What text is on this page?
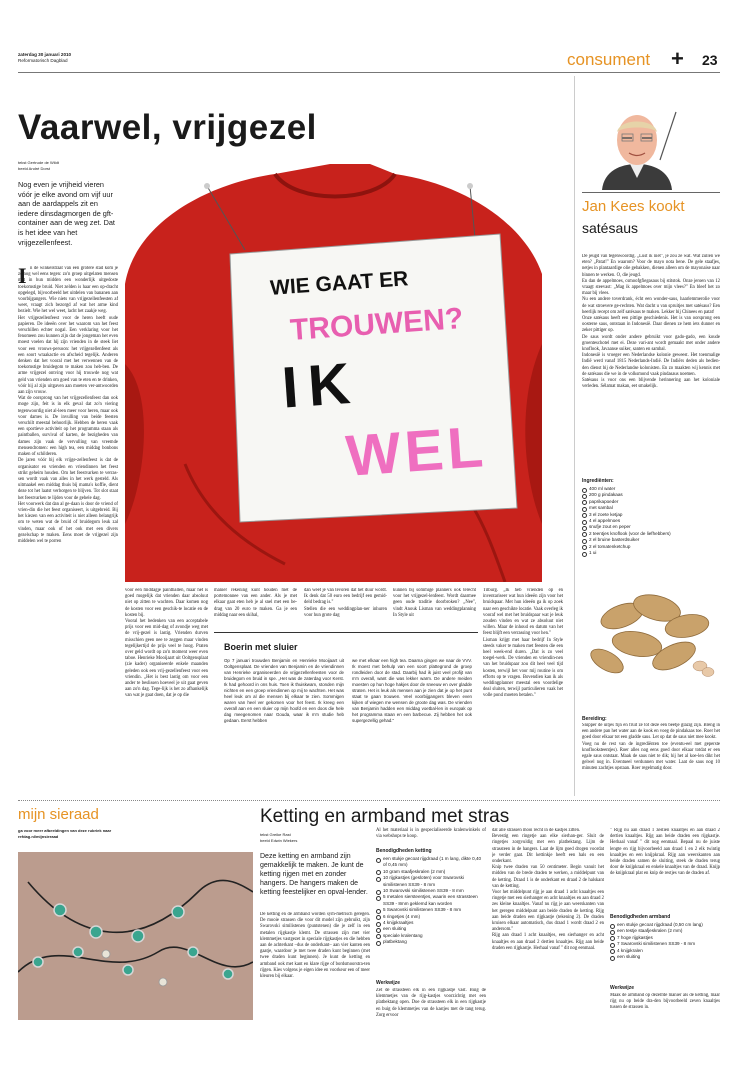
zaterdag 30 januari 2010
Reformatorisch Dagblad	consument + 23
Vaarwel, vrijgezel
tekst Gertrude de Wildt
beeld André Dorst
Nog even je vrijheid vieren vóór je elke avond om vijf uur aan de aardappels zit en iedere dinsdagmorgen de gft-container aan de weg zet. Dat is het idee van het vrijgezellenfeest.
WIE GAAT ER
TROUWEN?
IK
WEL
I n de winkelstraat van een grotere stad kom je ze nog wel eens tegen: zo'n groep uitgelaten mensen met in hun midden een wonderlijk uitgedoste toekomstige bruid. Niet zelden is haar een op-dracht opgelegd, bijvoorbeeld het uitdelen van bananen aan voorbijgangers. Wie niets van vrijgezellenfeesten af weet, vraagt zich bezorgd af wat het arme kind bezielt. Wie het wel weet, lacht het zaakje weg.
Het vrijgezellenfeest voor de heren heeft oude papieren. De ideeën over het waarom van het feest verschillen echter nogal. Een verklaring voor het fenomeen zou kunnen zijn dat de jongeman het even moest voelen dat hij zijn vrienden in de steek liet voor een vrouws-persoon: het vrijgezellenfeest als een soort wraakactie en afscheid tegelijk. Anderen denken dat het vooral met het verwennen van de toekomstige bruidegom te maken zou heb-ben. De arme vrijgezel ontving voor hij trouwde nog wat geld van vrienden om goed van te eten en te drinken, vóór hij al zijn uitgaven aan moeten ver-antwoorden aan zijn vrouw.
Wat de oorsprong van het vrijgezellenfeest dan ook moge zijn, feit is in elk geval dat zo'n viering tegenwoordig niet al-leen meer voor heren, maar ook voor dames is. De invulling van beide feesten verschilt meestal behoorlijk. Hebben de heren vaak een sportieve activiteit op het programma staan als paintballen, survival of karten, de bezigheden van dames zijn vaak de vervulling van vreemde mensendromen: een high tea, een middag bonbons maken of schilderen.
De jaren vóór bij elk vrijge-zellenfeest is dat de organisator en vrienden en vriendinnen het feest strikt geheim houden. Om het feestvarken te verras-sen wordt vaak van alles in het werk gesteld. Als uitmaakel een middag thuis bij mama's koffie, dient deze tot het laatst verborgen te blijven. Tot slot staat het feestvarken te lijden voor de gehele dag.
Het voorwerk dat dan al ge-daan is door de vriend of vrien-din die het feest organiseert, is uitgebreid. Bij het kiezen van een activiteit is niet alleen belangrijk om te weten wat de bruid of bruidegom leuk zal vinden, maar ook of het ook met een divers gezelschap te maken. Eens moet de vrijgezel zijn middelen wel te porren
voor een middagje paintballen, maar het is goed mogelijk dat vrienden daar absoluut niet op zitten te wachten. Daar komen nog de kosten voor een geschik-te locatie en de kosten bij.
Vooral het bedenken van een acceptabele prijs voor een mid-dag of avondje weg met de vrij-gezel is lastig. Vrienden durven misschien geen nee te zeggen maar vinden tegelijkertijd de prijs veel te hoog. Praten over geld wordt op zo'n moment weer even taboe. Henrieke Mooijaart uit Ooltgensplaat (zie kader) organiseerde enkele maanden geleden ook een vrij-gezellenfeest voor een vriendin. „Het is best lastig om voor een ander te beslissen hoeveel je uit gaat geven aan zo'n dag. Tege-lijk is het zo afhankelijk van wat je gaat doen, dat je op die
manier rekening kunt houden met de portemonnee van een ander. Als je met elkaar gaat eten heb je al snel met een be-drag van 20 euro te maken. Ga je een middag naar een skihal,
dan weet je van tevoren dat het duur wordt. Ik denk dat 50 euro een bedrijf een gemid-deld bedrag is."
Stellen die een weddingplan-ner inhuren voor hun grote dag
kunnen bij sommige planners ook terecht voor het vrijgezel-lenfeest. Wordt daarmee geen oude traditie doorbroken? „Nee", vindt Anouk Lisman van weddingplanning In Style uit
Tilburg. „Ik heb vrienden op en inventariseer wat hun ideeën zijn voor het bruidspaar. Met hun ideeën ga ik op zoek naar een geschikte locatie. Vaak overleg ik vooraf wel met het bruidspaar wat je leuk zouden vinden en wat ze absoluut niet willen. Maar de inhoud en datum van het feest blijft een verrassing voor hen."
Lisman krijgt met haar bedrijf In Style steeds vaker te maken met feesten die een heel week-end duren. „Dat is zo veel toegel-werk. De vrienden en vriendin-nen van het bruidspaar zou dit heel veel tijd kosten, terwijl het voor mij routine is om efforts op te vragen. Bovendien kan ik als weddingplanner meestal een voordelige deal sluiten, terwijl particulieren vaak het volle pond moeten betalen."
Boerin met sluier
Op 7 januari trouwden Benjamin en Henrieke Mooijaart uit Ooltgensplaat. De vrienden van Benjamin en de vriendinnen van Henrieke organiseerden de vrijgezellenfeesten voor de bruidegom en bruid in spe. „Het was de zaterdag voor Kerst. Ik had gehoord in ons huis. Toen ik thuiskwam, stonden mijn nichten en een groep vriendinnen op mij te wachten. Het was heel leuk om al die mensen bij elkaar te zien. Sommigen waren van heel ver gekomen voor het feest. Ik kreeg een overall aan en een sluier op mijn hoofd en een doos die hele dag meegenomen naar Gouda, waar ik m'n studie heb gedaan. Eerst hebben
we met elkaar een high tea. Daarna gingen we naar de VVV. Ik moest met behulp van een soort plattegrond de groep rondleiden door de stad. Daarbij had ik juist veel profijt van m'n overall, want die was lekker warm. De andere meiden moesten op hun hoge hakjes door de sneeuw en over gladde straten. Het is leuk als mensen aan je zien dat je op het punt staat te gaan trouwen. Veel voorbijgangers bleven even kijken of wiegen me wensen de groote dag was. De vrienden van Benjamin hadden een middag voetbal-len in europak op het programma staan en een barbecue. Zij hebben het ook supergezellig gehad."
Jan Kees kookt
satésaus
De jeugd van tegenwoordig. „Lust ik niet", je zou ze wat. Wat zullen we eten? „Patat!" En waarom? Voor de mayo nota bene. De gele staafjes, netjes in plantaardige olie gebakken, dienen alleen om de mayonaise naar binnen te werken. O, die jeugd.
En dan de appelmoes, csmoofgfiegasaus bij stitstok. Onze jeroen van 12 vraagt steevast: „Mag ik appelmoes over mijn vlees?" En bleef het zo maar bij vlees.
Nu een andere toverdrank, écht een wonder-saus, haarlemmerolie voor de wat stroevere ge-rechten. Wat dacht u van spruitjes met satésaus? Een heerlijk recept om zelf satésaus te maken. Lekker bij Chinees en patat!
Onze satésaus heeft een pittige geschiedenis. Het is van oorsprong een oosterse saus, ontstaan in Indonesië. Daar dienen ze hem iets dunner en zeker pittiger op.
De saus wordt onder andere gebruikt voor gado-gado, een koude groenteschotel met ei. Deze vari-ant wordt gemaakt met onder andere knoflook, Javaanse suiker, santen en sambal.
Indonesië is vroeger een Nederlandse kolonie geweest. Het toenmalige Indië werd vanaf 1815 Nederlands-Indië. De Indiërs deden als bedien-den dienst bij de Nederlandse kolonisten. En zo maakten wij kennis met de satésaus die we in de volksmond vaak pindasaus noemen.
Satésaus is voor ons een blijvende herinnering aan het koloniale verleden. Sélamat makan, eet smakelijk.
Ingrediënten:
400 ml water
200 g pindakaas
paprikapoeder
met sambal
3 el zoete ketjap
4 el appelmoes
snufje zout en peper
2 teentjes knoflook (voor de liefhebbers)
2 el bruine basterdsuiker
2 el tomatenketchup
1 ui
Bereiding:
Snipper de uitjes fijn en fruit ze tot deze een beetje glazig zijn. Breng in een andere pan het water aan de kook en voeg de pindakaas toe. Roer het goed door elkaar tot een gladde saus. Let op dat de saus niet mee kookt.
Voeg nu de rest van de ingrediënten toe (eventu-eel met geperste knoflooksteentjes). Roer alles nog eens goed door elkaar totdat er een egale saus ontstaat. Maak de saus niet te dik; hij het al koe-len dikt het gelwel nog in. Eventueel verdunnen met water. Laat de saus nog 10 minuten zachtjes opstaan. Roer regelmatig door.
mijn sieraad
ga voor meer afbeeldingen van deze rubriek naar refdag.nl/mijnsieraad
Ketting en armband met stras
tekst Greike Rast
beeld Edwin Wiekers
Deze ketting en armband zijn gemakkelijk te maken. Je kunt de ketting rijgen met en zonder hangers. De hangers maken de ketting feestelijker en opval-lender.
De ketting en de armband worden sym-metrisch geregen. De mooie strassen die voor dit model zijn gebruikt, zijn Swarovski similistenen (puntstenen) die je zelf in een metalen rijgkastje klemt. De strassen zijn met vier klemmetjes vastgezet in speciale rijgkastjes en die hebben aan de achterkant –dus de onderkant– aan vier kanten een gaatje, waardoor je met twee draden kunt beginnen (met twee draden kunt beginnen). Je kunt de ketting en armband ook met kant en klare rijge of bordsmoorstra-ten rijgen. Kies volgens je eigen idee en voorkeur een of meer kleuren bij elkaar.
Al het materiaal is in gespecialiseerde kralenwinkels of via webshops te koop.
Benodigdheden ketting
een stukje gecoat rijgdraad (1 m lang, dikte 0,40 of 0,45 mm)
10 gram staafjeskralen (2 mm)
10 rijgkastjes (gesloten) voor Swarovski similistenen SS39 - 8 mm
10 Swarovski similistenen SS39 - 8 mm
5 metalen siersteentjes, waarin een strassteen SS39 - 8mm geklemd kan worden
5 Swarovski similistenen SS39 - 8 mm
6 ringetjes (4 mm)
4 knijpkraaltjes
een sluiting
speciale kralentang
platbektang
Werkwijze
Zet de strassteen elk in een rijgkastje vast. Buig de klemmetjes van de rijg-kastjes voorzichtig met een platbektang open. Doe de strassteen elk in een rijgkastje en buig de klemmetjes van de kastjes met de tang terug. Zorg ervoor
dat alle strassen mooi recht in de kastjes zitten.
Bevestig een ringetje aan elke sierhan-ger. Sluit de ringetjes zorgvuldig met een platbektang. Lijm de strassteen in de hangers. Laat de lijm goed drogen voordat je verder gaat. Dit kettinkje heeft een hals en een onderkant.
Knip twee draden van 50 centimeter. Begin vanuit het midden van de brede draden te werken, a middelpunt van de ketting. Draad 1 is de onderkant en draad 2 de halskant van de ketting.
Voor het middelpunt rijg je aan draad 1 acht knaaltjes een ringetje met een sierhanger en acht knaaltjes en aan draad 2 zes kleine knaaltjes. Vanaf nu rijg je aan weerskanten van het geregen middelpunt aan beide draden de ketting. Rijg aan beide draden een rijgkastje (tekening 2). De draden kruisen elkaar automatisch, dus draad 1 wordt draad 2 en andersom."
Rijg aan draad 1 acht knaaltjes, een sierhanger en acht knaaltjes en aan draad 2 dertien knaaltjes. Rijg aan beide draden een rijgkastje. Herhaal vanaf " dit nog eenmaal.
" Rijg nu aan draad 1 zestien knaaltjes en aan draad 2 dertien knaaltjes. Rijg aan beide draden een rijgkastje. Herhaal vanaf " dit nog eenmaal. Bepaal nu de juiste lengte en rijg bijvoorbeeld aan draad 1 en 2 elk twintig knaaltjes en een knijpkraal. Rijg aan weerskanten aan beide draden samen de sluiting, steek de draden terug door de knijpkraal en enkele knaaltjes van de draad. Knijp de knijpkraal plat en knip de restjes van de draden af.
Benodigdheden armband
een stukje gecoat rijgdraad (0,50 cm lang)
een testje staafjeskralen (2 mm)
7 hoge rijgkastjes
7 Swarovski similistenen SS39 - 8 mm
4 knijpkralen
een sluiting
Werkwijze
Maak de armband op dezelfde manier als de ketting, maar rijg nu op beide dra-den bijvoorbeeld zeven knaaltjes tussen de strassen in.
